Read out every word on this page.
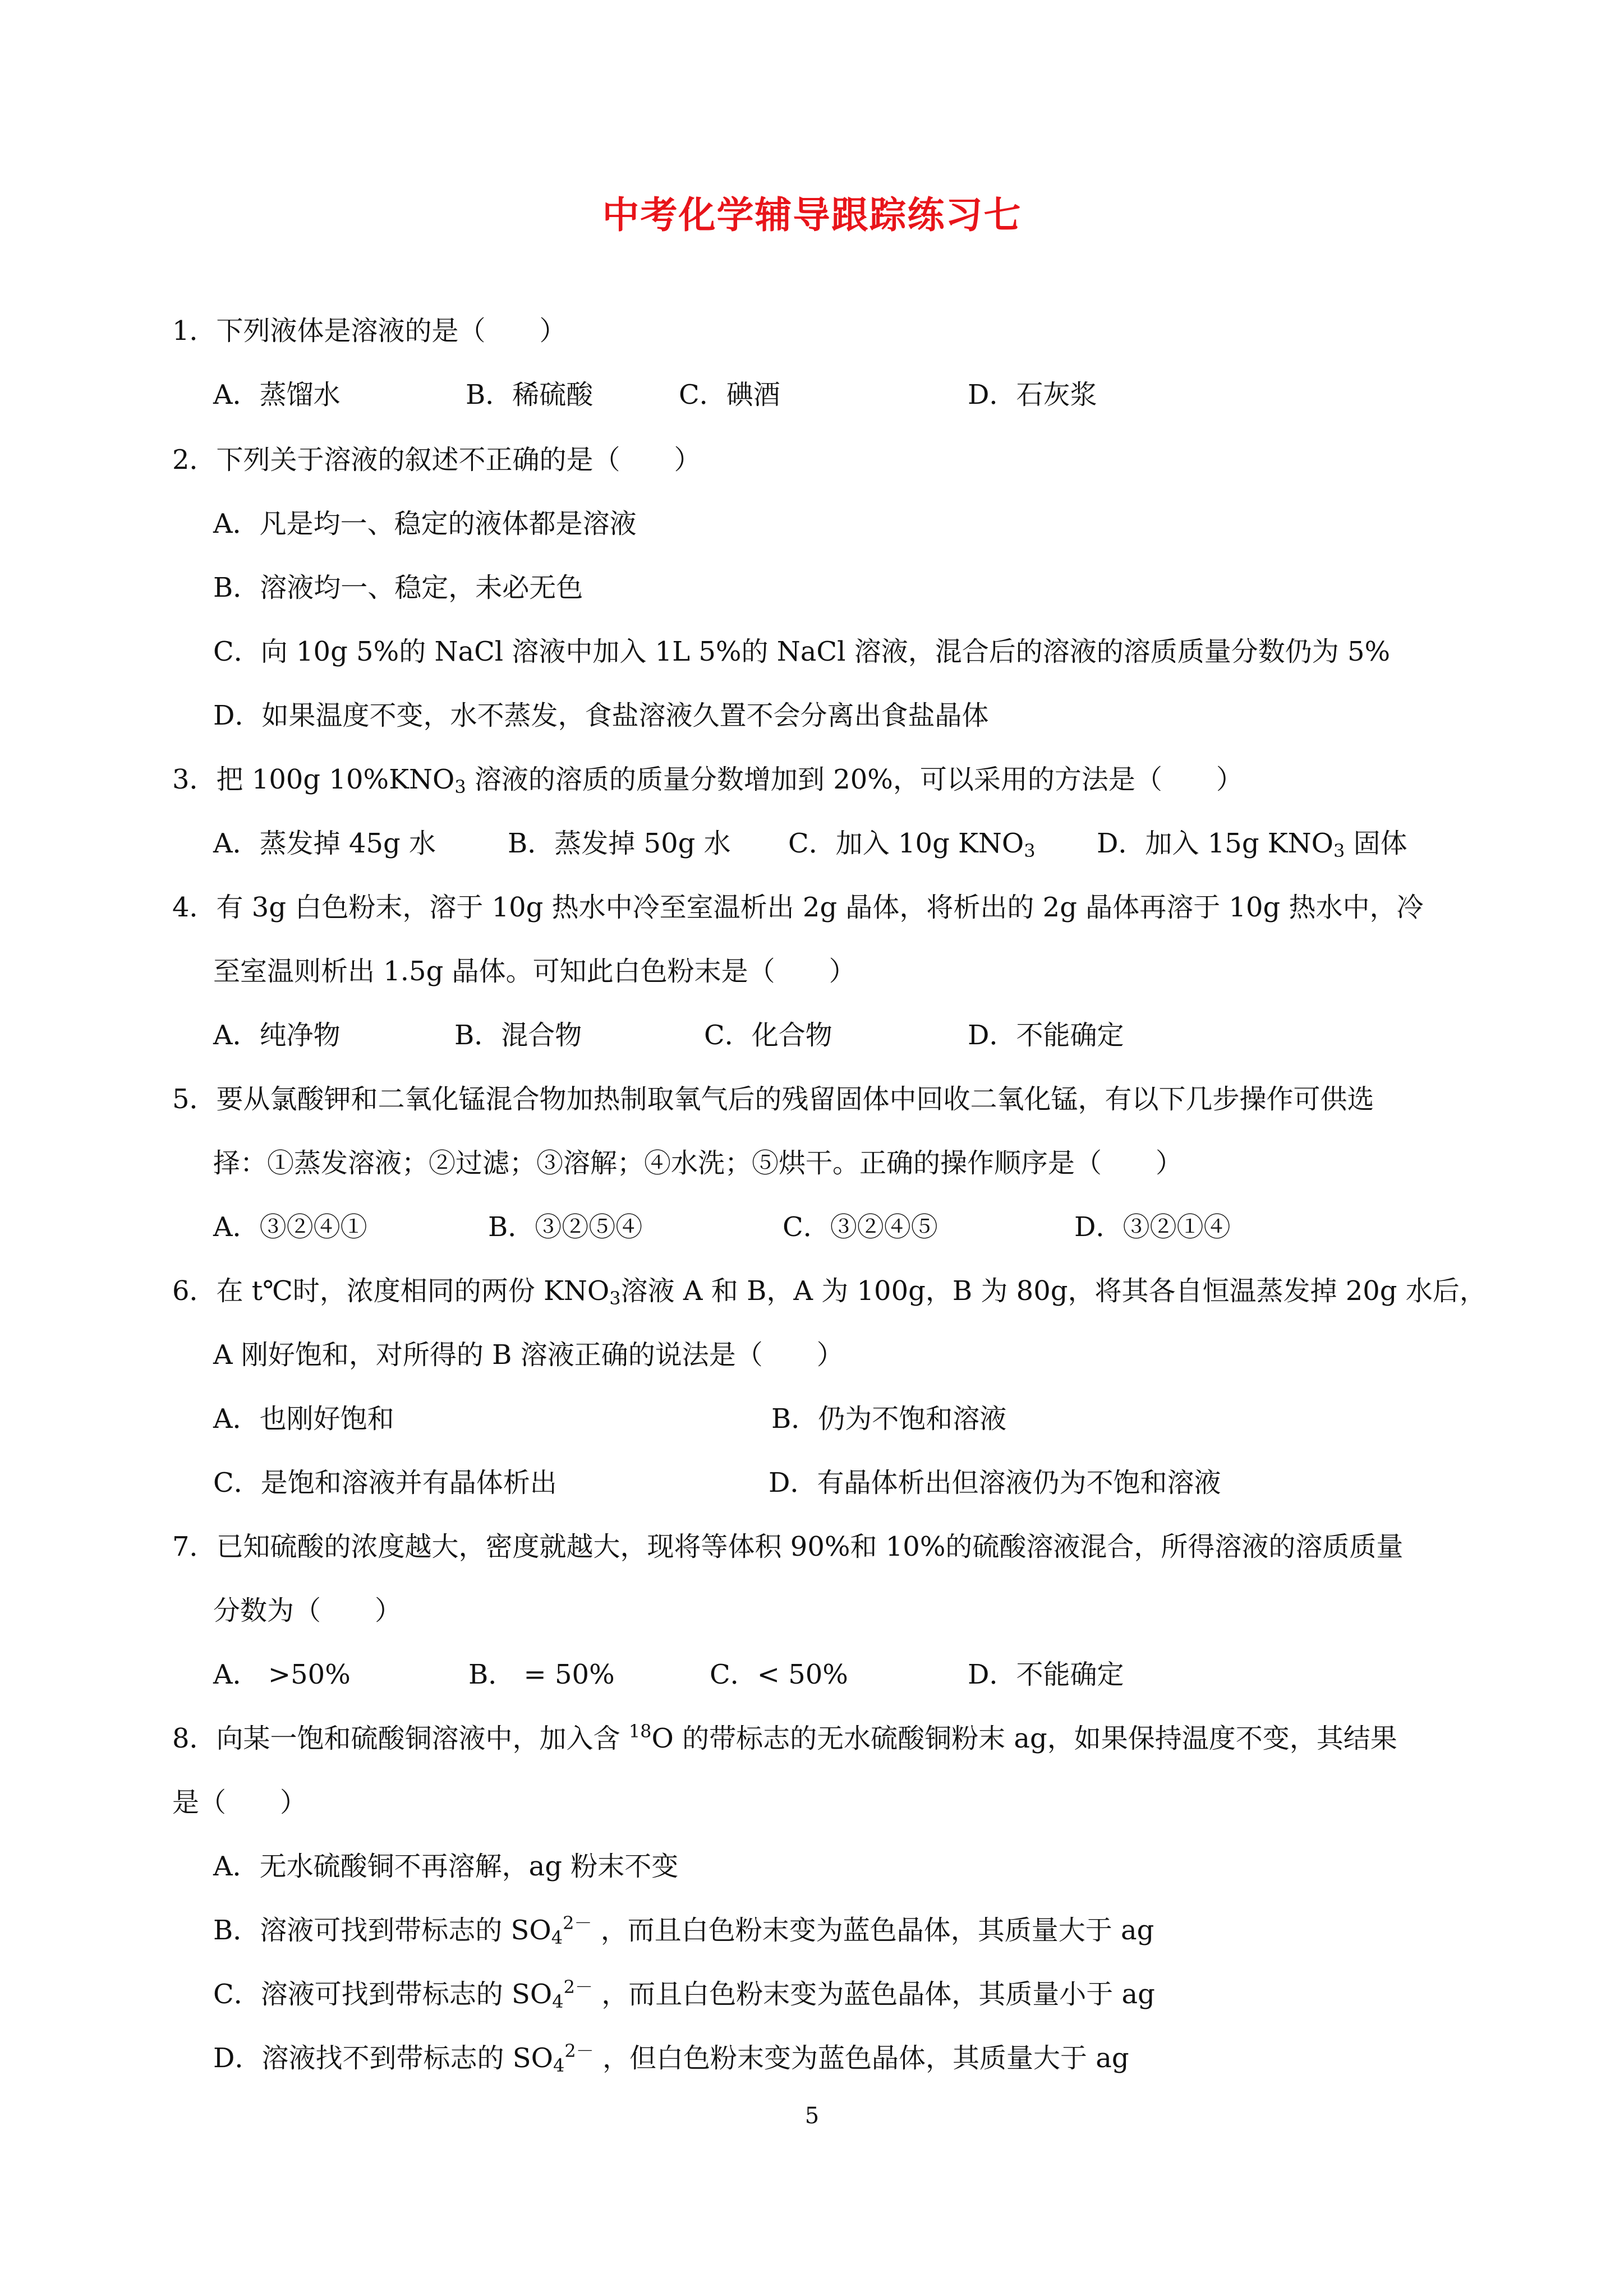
中考化学辅导跟踪练习七
1．下列液体是溶液的是（　　）
A．蒸馏水	B．稀硫酸	C．碘酒	D．石灰浆
2．下列关于溶液的叙述不正确的是（　　）
A．凡是均一、稳定的液体都是溶液
B．溶液均一、稳定，未必无色
C．向 10g 5%的 NaCl 溶液中加入 1L 5%的 NaCl 溶液，混合后的溶液的溶质质量分数仍为 5%
D．如果温度不变，水不蒸发，食盐溶液久置不会分离出食盐晶体
3．把 100g $10\%KNO_3$ 溶液的溶质的质量分数增加到 20%，可以采用的方法是（　　）
A．蒸发掉 45g 水	B．蒸发掉 50g 水 C．加入 10g $KNO_3$ D．加入 15g $KNO_3$ 固体
4．有 3g 白色粉末，溶于 10g 热水中冷至室温析出 2g 晶体，将析出的 2g 晶体再溶于 10g 热水中，冷
至室温则析出 1.5g 晶体。可知此白色粉末是（　　）
A．纯净物	B．混合物	C．化合物	D．不能确定
5．要从氯酸钾和二氧化锰混合物加热制取氧气后的残留固体中回收二氧化锰，有以下几步操作可供选
择：①蒸发溶液；②过滤；③溶解；④水洗；⑤烘干。正确的操作顺序是（　　）
A．③②④①	B．③②⑤④	C．③②④⑤	D．③②①④
6．在 t℃时，浓度相同的两份 $KNO_3$溶液 A 和 B，A 为 100g，B 为 80g，将其各自恒温蒸发掉 20g 水后，
A 刚好饱和，对所得的 B 溶液正确的说法是（　　）
A．也刚好饱和	B．仍为不饱和溶液
C．是饱和溶液并有晶体析出	D．有晶体析出但溶液仍为不饱和溶液
7．已知硫酸的浓度越大，密度就越大，现将等体积 90%和 10%的硫酸溶液混合，所得溶液的溶质质量
分数为（　　）
A． >50%	B． = 50%	C．< 50%	D．不能确定
8．向某一饱和硫酸铜溶液中，加入含 $^{18}$O 的带标志的无水硫酸铜粉末 ag，如果保持温度不变，其结果
是（　　）
A．无水硫酸铜不再溶解，ag 粉末不变
B．溶液可找到带标志的 $SO_4^{2-}$ ，而且白色粉末变为蓝色晶体，其质量大于 ag
C．溶液可找到带标志的 $SO_4^{2-}$ ，而且白色粉末变为蓝色晶体，其质量小于 ag
D．溶液找不到带标志的 $SO_4^{2-}$ ，但白色粉末变为蓝色晶体，其质量大于 ag
5
